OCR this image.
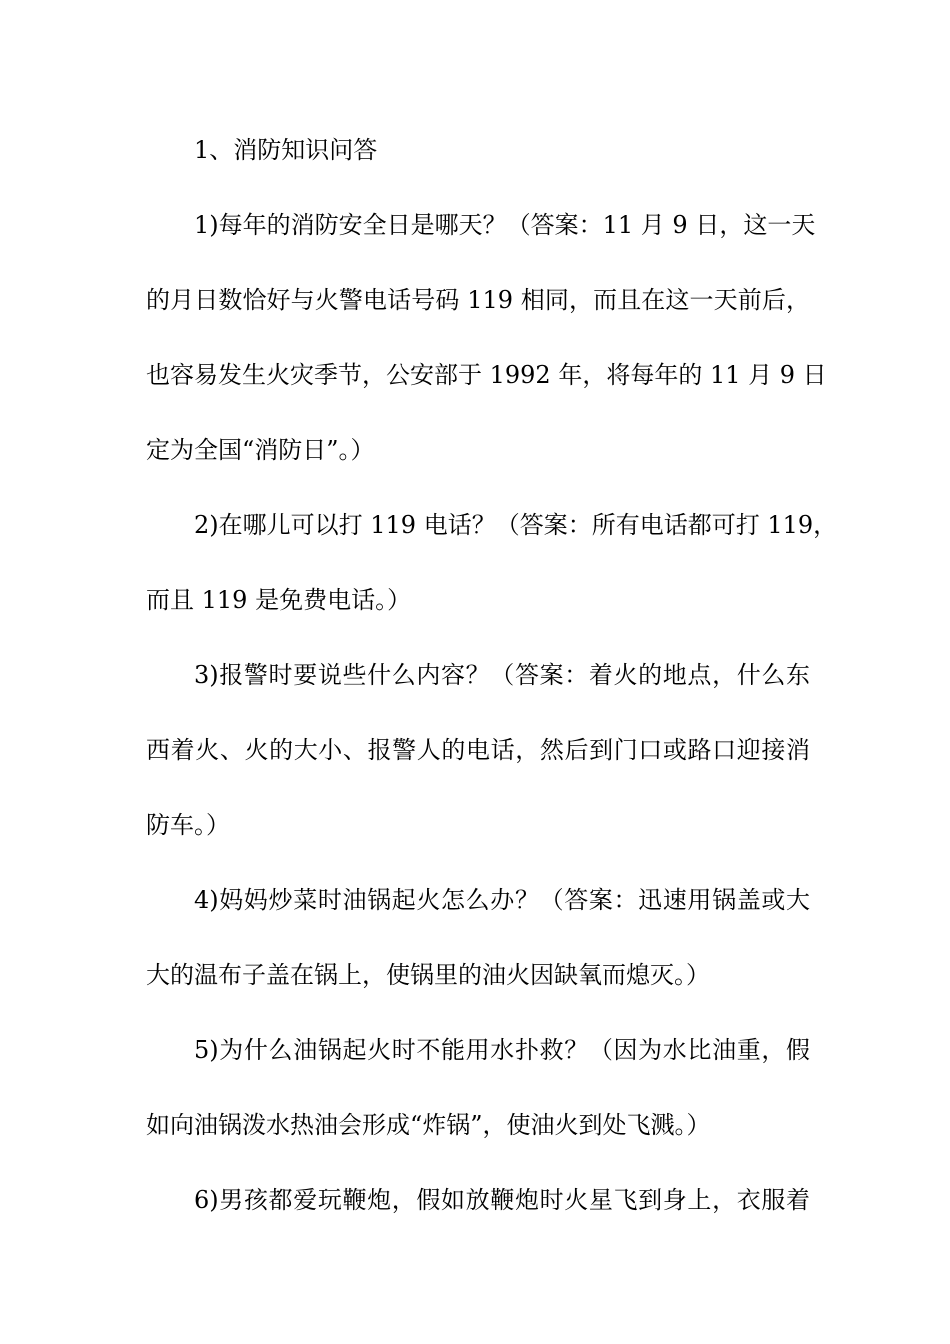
1、消防知识问答
1)每年的消防安全日是哪天？（答案：11 月 9 日，这一天
的月日数恰好与火警电话号码 119 相同，而且在这一天前后，
也容易发生火灾季节，公安部于 1992 年，将每年的 11 月 9 日
定为全国“消防日”。）
2)在哪儿可以打 119 电话？（答案：所有电话都可打 119，
而且 119 是免费电话。）
3)报警时要说些什么内容？（答案：着火的地点，什么东
西着火、火的大小、报警人的电话，然后到门口或路口迎接消
防车。）
4)妈妈炒菜时油锅起火怎么办？（答案：迅速用锅盖或大
大的温布子盖在锅上，使锅里的油火因缺氧而熄灭。）
5)为什么油锅起火时不能用水扑救？（因为水比油重，假
如向油锅泼水热油会形成“炸锅”，使油火到处飞溅。）
6)男孩都爱玩鞭炮，假如放鞭炮时火星飞到身上，衣服着
